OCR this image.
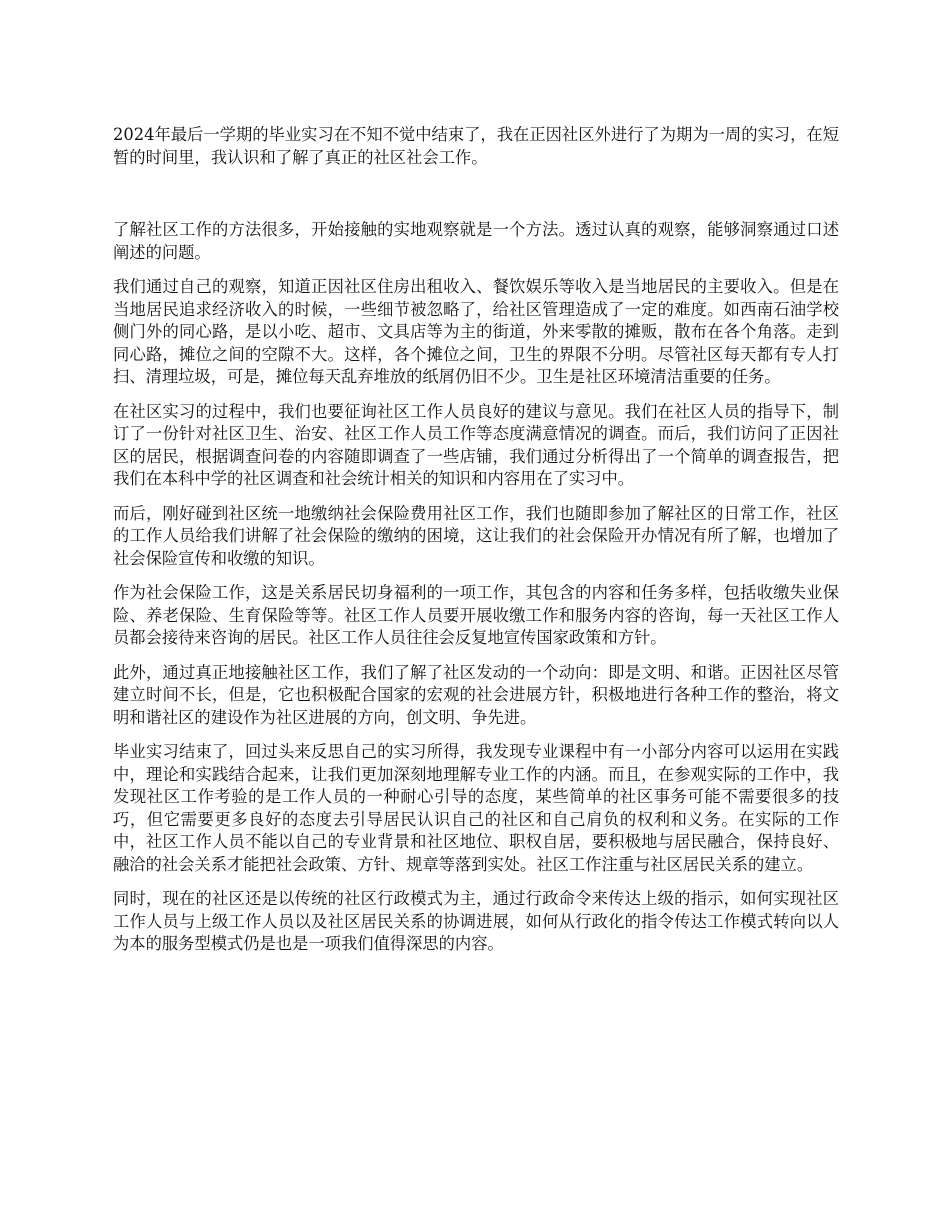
2024年最后一学期的毕业实习在不知不觉中结束了，我在正因社区外进行了为期为一周的实习，在短暂的时间里，我认识和了解了真正的社区社会工作。

了解社区工作的方法很多，开始接触的实地观察就是一个方法。透过认真的观察，能够洞察通过口述阐述的问题。

我们通过自己的观察，知道正因社区住房出租收入、餐饮娱乐等收入是当地居民的主要收入。但是在当地居民追求经济收入的时候，一些细节被忽略了，给社区管理造成了一定的难度。如西南石油学校侧门外的同心路，是以小吃、超市、文具店等为主的街道，外来零散的摊贩，散布在各个角落。走到同心路，摊位之间的空隙不大。这样，各个摊位之间，卫生的界限不分明。尽管社区每天都有专人打扫、清理垃圾，可是，摊位每天乱弃堆放的纸屑仍旧不少。卫生是社区环境清洁重要的任务。

在社区实习的过程中，我们也要征询社区工作人员良好的建议与意见。我们在社区人员的指导下，制订了一份针对社区卫生、治安、社区工作人员工作等态度满意情况的调查。而后，我们访问了正因社区的居民，根据调查问卷的内容随即调查了一些店铺，我们通过分析得出了一个简单的调查报告，把我们在本科中学的社区调查和社会统计相关的知识和内容用在了实习中。

而后，刚好碰到社区统一地缴纳社会保险费用社区工作，我们也随即参加了解社区的日常工作，社区的工作人员给我们讲解了社会保险的缴纳的困境，这让我们的社会保险开办情况有所了解，也增加了社会保险宣传和收缴的知识。

作为社会保险工作，这是关系居民切身福利的一项工作，其包含的内容和任务多样，包括收缴失业保险、养老保险、生育保险等等。社区工作人员要开展收缴工作和服务内容的咨询，每一天社区工作人员都会接待来咨询的居民。社区工作人员往往会反复地宣传国家政策和方针。

此外，通过真正地接触社区工作，我们了解了社区发动的一个动向：即是文明、和谐。正因社区尽管建立时间不长，但是，它也积极配合国家的宏观的社会进展方针，积极地进行各种工作的整治，将文明和谐社区的建设作为社区进展的方向，创文明、争先进。

毕业实习结束了，回过头来反思自己的实习所得，我发现专业课程中有一小部分内容可以运用在实践中，理论和实践结合起来，让我们更加深刻地理解专业工作的内涵。而且，在参观实际的工作中，我发现社区工作考验的是工作人员的一种耐心引导的态度，某些简单的社区事务可能不需要很多的技巧，但它需要更多良好的态度去引导居民认识自己的社区和自己肩负的权利和义务。在实际的工作中，社区工作人员不能以自己的专业背景和社区地位、职权自居，要积极地与居民融合，保持良好、融洽的社会关系才能把社会政策、方针、规章等落到实处。社区工作注重与社区居民关系的建立。

同时，现在的社区还是以传统的社区行政模式为主，通过行政命令来传达上级的指示，如何实现社区工作人员与上级工作人员以及社区居民关系的协调进展，如何从行政化的指令传达工作模式转向以人为本的服务型模式仍是也是一项我们值得深思的内容。
